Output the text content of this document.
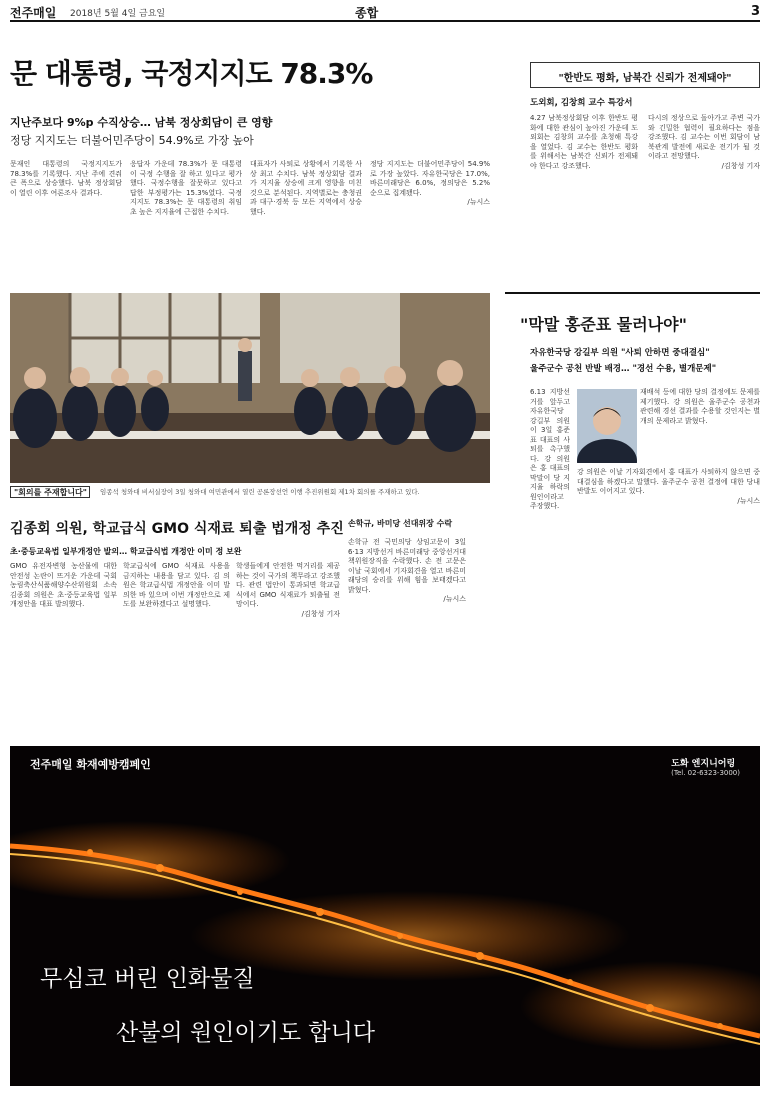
전주매일 2018년 5월 4일 금요일	종합	3
문 대통령, 국정지지도 78.3%
지난주보다 9%p 수직상승… 남북 정상회담이 큰 영향
정당 지지도는 더불어민주당이 54.9%로 가장 높아

문재인 대통령의 국정지지도가 78.3%를 기록했다. 지난 주에 견줘 큰 폭으로 상승했다. 남북 정상회담이 열린 이후 여론조사 결과다.

응답자 가운데 78.3%가 문 대통령이 국정 수행을 잘 하고 있다고 평가했다. 국정수행을 잘못하고 있다고 답한 부정평가는 15.3%였다. 국정지지도 78.3%는 문 대통령의 취임 초 높은 지지율에 근접한 수치다.

대표자가 사퇴로 상황에서 기록한 사상 최고 수치다. 남북 정상회담 결과가 지지율 상승에 크게 영향을 미친 것으로 분석된다. 지역별로는 충청권과 대구·경북 등 모든 지역에서 상승했다.

정당 지지도는 더불어민주당이 54.9%로 가장 높았다. 자유한국당은 17.0%, 바른미래당은 6.0%, 정의당은 5.2% 순으로 집계됐다.

/뉴시스

"회의를 주재합니다"	임종석 청와대 비서실장이 3일 청와대 여민관에서 열린 공론장선언 이행 추진위원회 제1차 회의를 주재하고 있다.
"한반도 평화, 남북간 신뢰가 전제돼야"
도외회, 김창희 교수 특강서

4.27 남북정상회담 이후 한반도 평화에 대한 관심이 높아진 가운데 도외회는 김창희 교수를 초청해 특강을 열었다. 김 교수는 한반도 평화를 위해서는 남북간 신뢰가 전제돼야 한다고 강조했다.

다시의 정상으로 돌아가고 주변 국가와 긴밀한 협력이 필요하다는 점을 강조했다. 김 교수는 이번 회담이 남북관계 발전에 새로운 전기가 될 것이라고 전망했다.

/김창성 기자

"막말 홍준표 물러나야"
자유한국당 강길부 의원 "사퇴 안하면 중대결심"
울주군수 공천 반발 배경… "경선 수용, 별개문제"

6.13 지방선거를 앞두고 자유한국당 강길부 의원이 3일 홍준표 대표의 사퇴를 촉구했다. 강 의원은 홍 대표의 막말이 당 지지율 하락의 원인이라고 주장했다.

재배석 등에 대한 당의 결정에도 문제를 제기했다. 강 의원은 울주군수 공천과 관련해 경선 결과를 수용할 것인지는 별개의 문제라고 밝혔다.

강 의원은 이날 기자회견에서 홍 대표가 사퇴하지 않으면 중대결심을 하겠다고 말했다. 울주군수 공천 결정에 대한 당내 반발도 이어지고 있다.

/뉴시스

김종회 의원, 학교급식 GMO 식재료 퇴출 법개정 추진
초·중등교육법 일부개정안 발의… 학교급식법 개정안 이미 정 보완

GMO 유전자변형 농산물에 대한 안전성 논란이 뜨거운 가운데 국회 농림축산식품해양수산위원회 소속 김종회 의원은 초·중등교육법 일부개정안을 대표 발의했다.

학교급식에 GMO 식재료 사용을 금지하는 내용을 담고 있다. 김 의원은 학교급식법 개정안을 이미 발의한 바 있으며 이번 개정안으로 제도를 보완하겠다고 설명했다.

학생들에게 안전한 먹거리를 제공하는 것이 국가의 책무라고 강조했다. 관련 법안이 통과되면 학교급식에서 GMO 식재료가 퇴출될 전망이다.

/김창성 기자

손학규, 바미당 선대위장 수락

손학규 전 국민의당 상임고문이 3일 6·13 지방선거 바른미래당 중앙선거대책위원장직을 수락했다. 손 전 고문은 이날 국회에서 기자회견을 열고 바른미래당의 승리를 위해 힘을 보태겠다고 밝혔다.

/뉴시스

전주매일 화재예방캠페인	도화 엔지니어링
(Tel. 02-6323-3000)
무심코 버린 인화물질
산불의 원인이기도 합니다
